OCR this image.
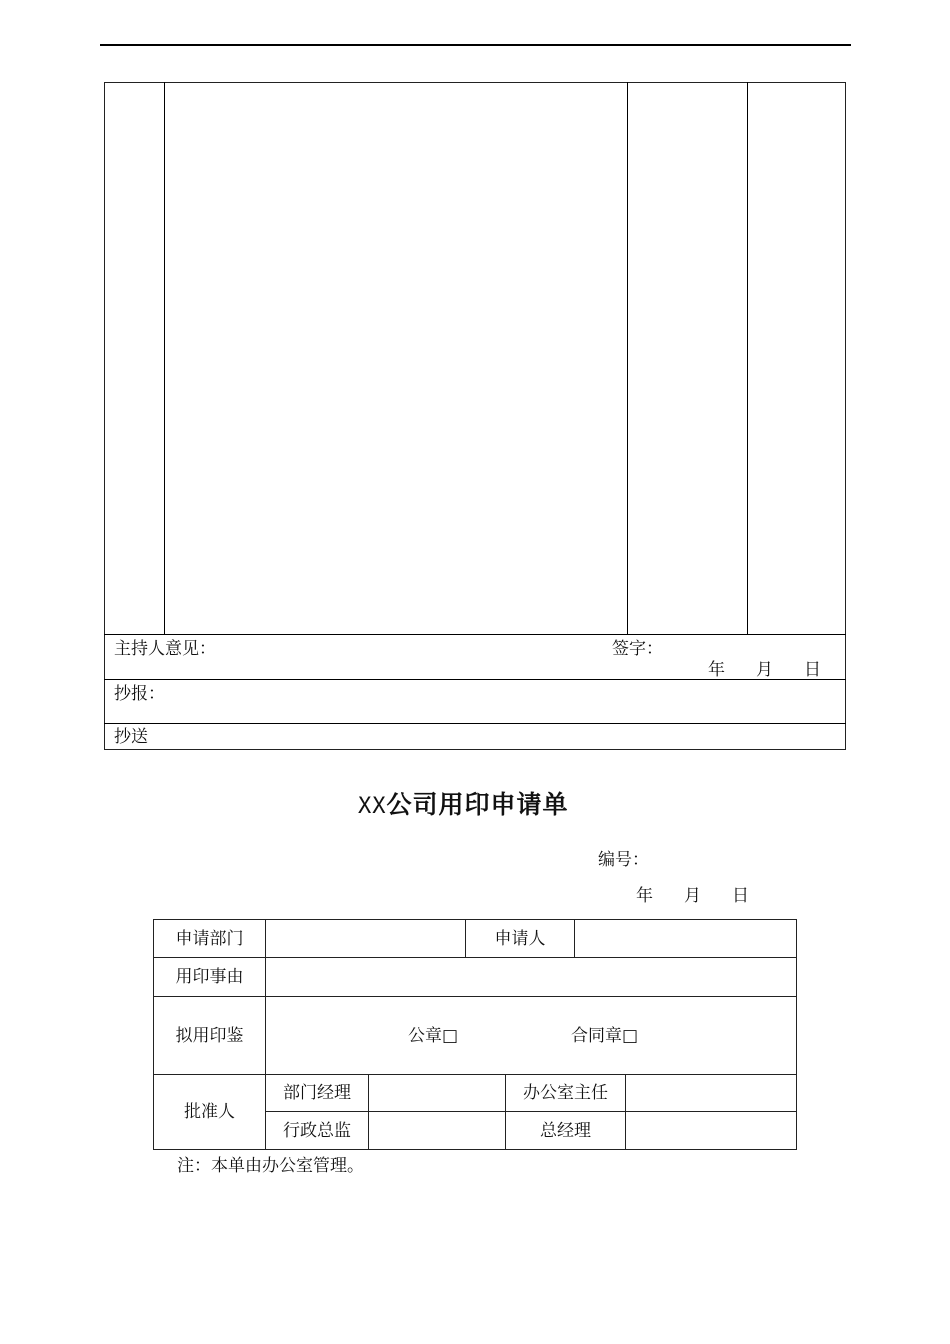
主持人意见：	签字：
年 月 日
抄报：
抄送
XX公司用印申请单
编号：
年 月 日
申请部门	申请人
用印事由
拟用印鉴	公章□	合同章□
批准人
部门经理	办公室主任
行政总监	总经理
注：本单由办公室管理。
